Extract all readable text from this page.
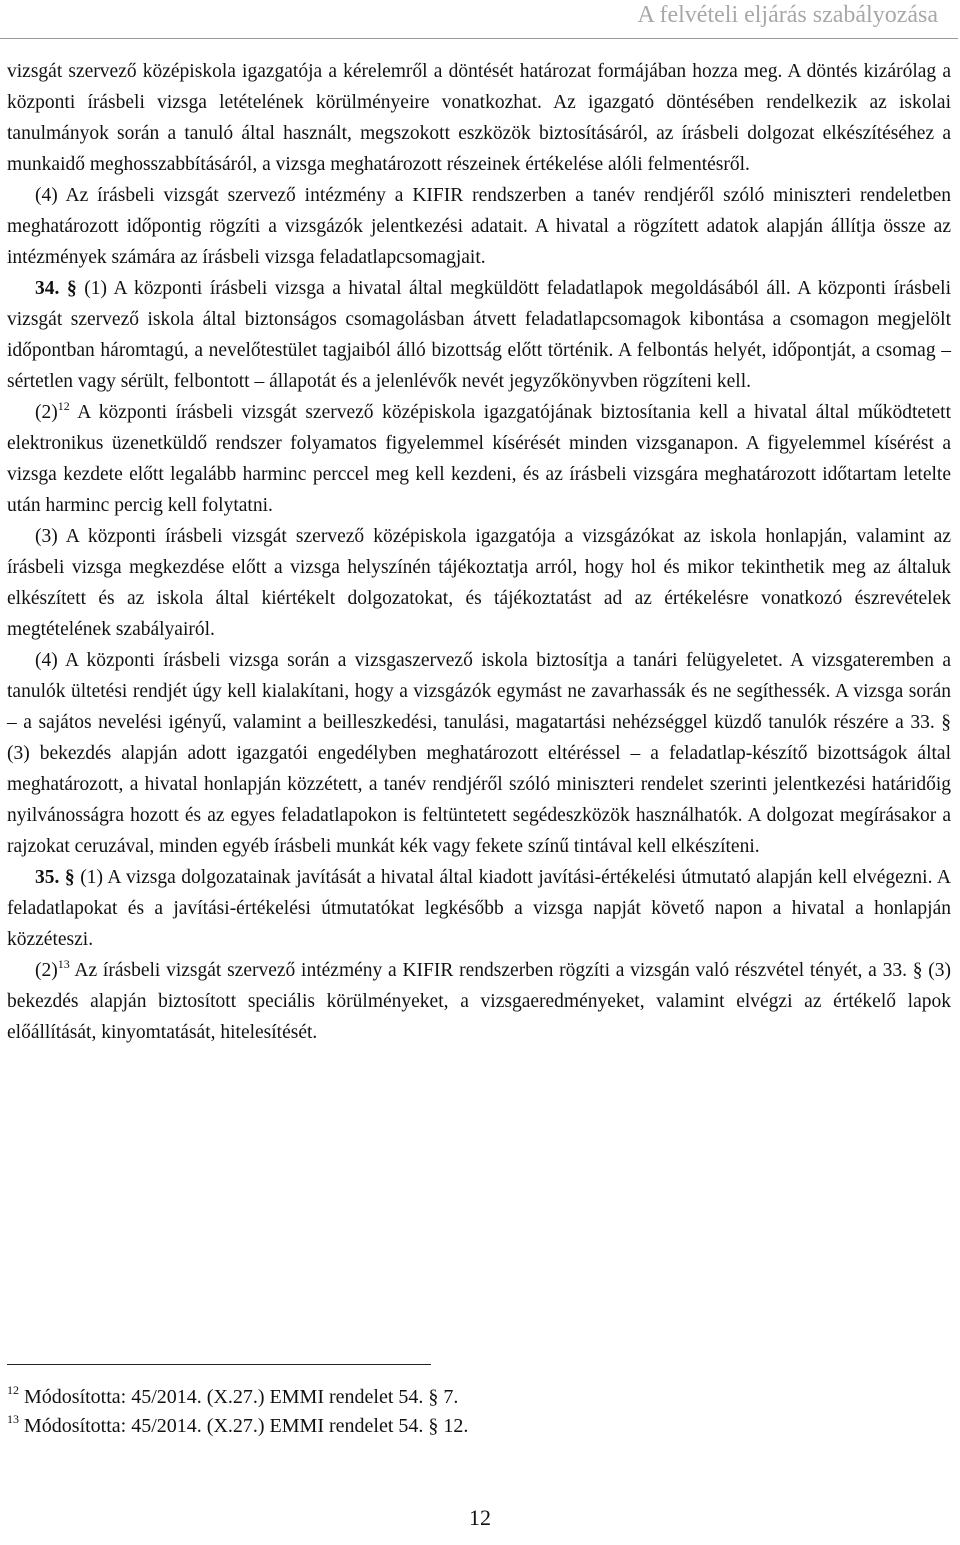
A felvételi eljárás szabályozása

vizsgát szervező középiskola igazgatója a kérelemről a döntését határozat formájában hozza meg. A döntés kizárólag a központi írásbeli vizsga letételének körülményeire vonatkozhat. Az igazgató döntésében rendelkezik az iskolai tanulmányok során a tanuló által használt, megszokott eszközök biztosításáról, az írásbeli dolgozat elkészítéséhez a munkaidő meghosszabbításáról, a vizsga meghatározott részeinek értékelése alóli felmentésről.

(4) Az írásbeli vizsgát szervező intézmény a KIFIR rendszerben a tanév rendjéről szóló miniszteri rendeletben meghatározott időpontig rögzíti a vizsgázók jelentkezési adatait. A hivatal a rögzített adatok alapján állítja össze az intézmények számára az írásbeli vizsga feladatlapcsomagjait.

34. § (1) A központi írásbeli vizsga a hivatal által megküldött feladatlapok megoldásából áll. A központi írásbeli vizsgát szervező iskola által biztonságos csomagolásban átvett feladatlapcsomagok kibontása a csomagon megjelölt időpontban háromtagú, a nevelőtestület tagjaiból álló bizottság előtt történik. A felbontás helyét, időpontját, a csomag – sértetlen vagy sérült, felbontott – állapotát és a jelenlévők nevét jegyzőkönyvben rögzíteni kell.

$(2)^{12}$ A központi írásbeli vizsgát szervező középiskola igazgatójának biztosítania kell a hivatal által működtetett elektronikus üzenetküldő rendszer folyamatos figyelemmel kísérését minden vizsganapon. A figyelemmel kísérést a vizsga kezdete előtt legalább harminc perccel meg kell kezdeni, és az írásbeli vizsgára meghatározott időtartam letelte után harminc percig kell folytatni.

(3) A központi írásbeli vizsgát szervező középiskola igazgatója a vizsgázókat az iskola honlapján, valamint az írásbeli vizsga megkezdése előtt a vizsga helyszínén tájékoztatja arról, hogy hol és mikor tekinthetik meg az általuk elkészített és az iskola által kiértékelt dolgozatokat, és tájékoztatást ad az értékelésre vonatkozó észrevételek megtételének szabályairól.

(4) A központi írásbeli vizsga során a vizsgaszervező iskola biztosítja a tanári felügyeletet. A vizsgateremben a tanulók ültetési rendjét úgy kell kialakítani, hogy a vizsgázók egymást ne zavarhassák és ne segíthessék. A vizsga során – a sajátos nevelési igényű, valamint a beilleszkedési, tanulási, magatartási nehézséggel küzdő tanulók részére a 33. § (3) bekezdés alapján adott igazgatói engedélyben meghatározott eltéréssel – a feladatlap-készítő bizottságok által meghatározott, a hivatal honlapján közzétett, a tanév rendjéről szóló miniszteri rendelet szerinti jelentkezési határidőig nyilvánosságra hozott és az egyes feladatlapokon is feltüntetett segédeszközök használhatók. A dolgozat megírásakor a rajzokat ceruzával, minden egyéb írásbeli munkát kék vagy fekete színű tintával kell elkészíteni.

35. § (1) A vizsga dolgozatainak javítását a hivatal által kiadott javítási-értékelési útmutató alapján kell elvégezni. A feladatlapokat és a javítási-értékelési útmutatókat legkésőbb a vizsga napját követő napon a hivatal a honlapján közzéteszi.

$(2)^{13}$ Az írásbeli vizsgát szervező intézmény a KIFIR rendszerben rögzíti a vizsgán való részvétel tényét, a 33. § (3) bekezdés alapján biztosított speciális körülményeket, a vizsgaeredményeket, valamint elvégzi az értékelő lapok előállítását, kinyomtatását, hitelesítését.

$^{12}$ Módosította: 45/2014. (X.27.) EMMI rendelet 54. § 7.
$^{13}$ Módosította: 45/2014. (X.27.) EMMI rendelet 54. § 12.
12
